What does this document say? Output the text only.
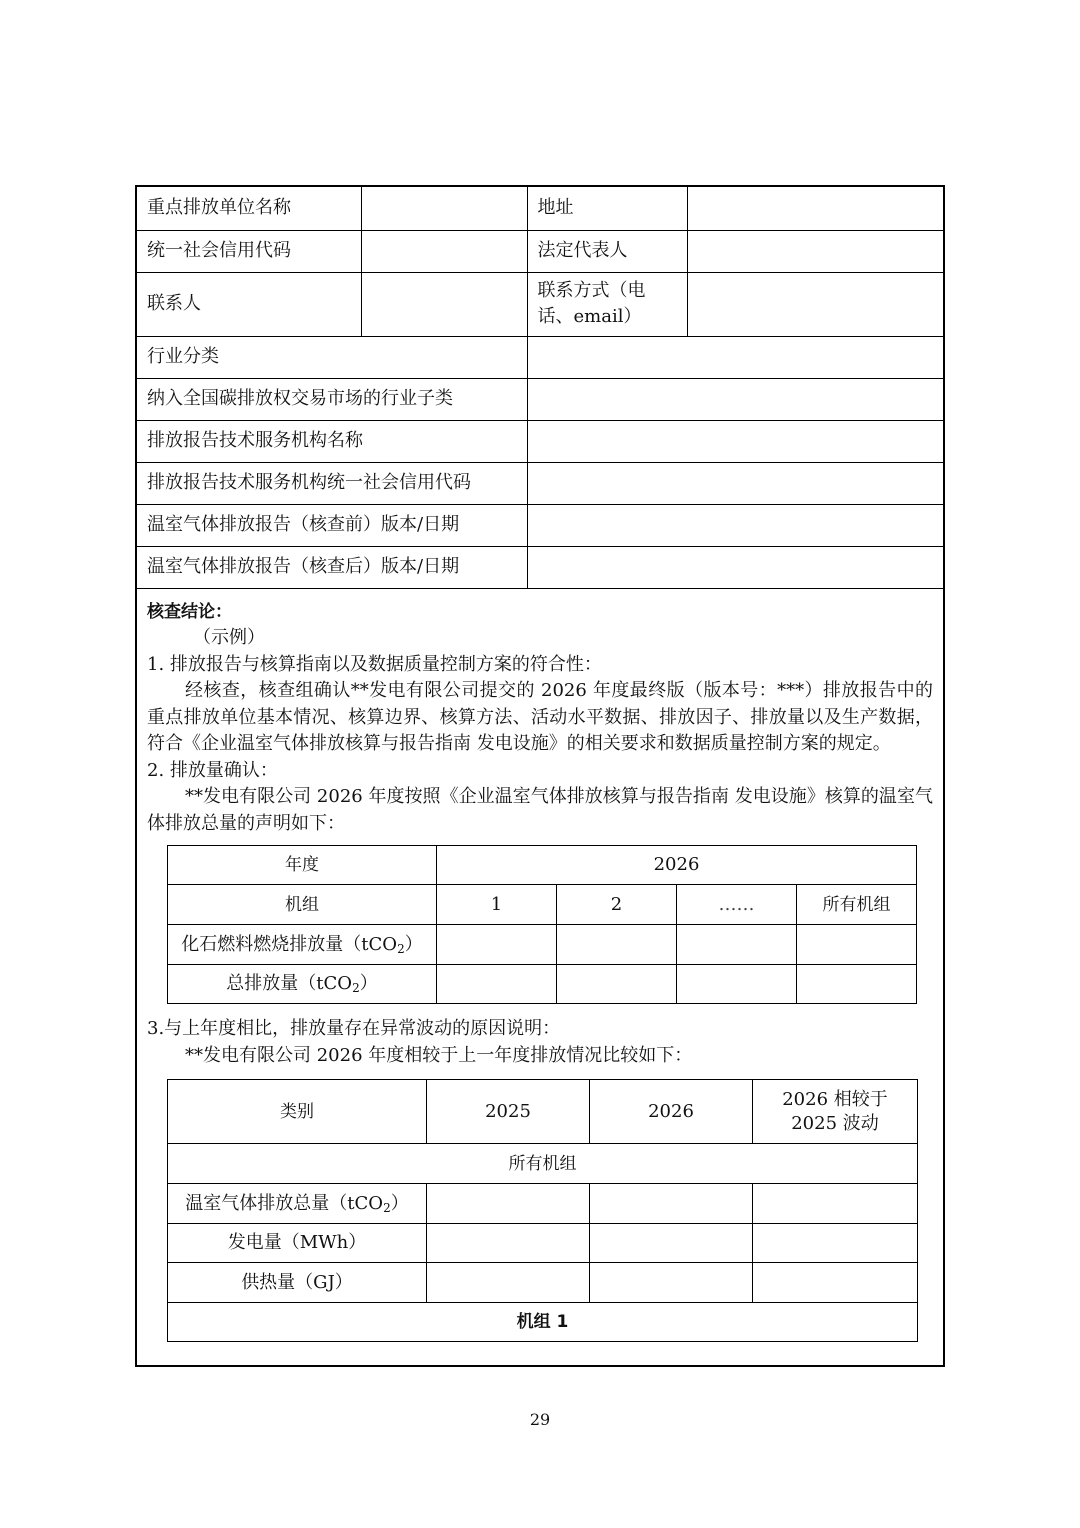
重点排放单位名称		地址	
统一社会信用代码		法定代表人	
联系人		联系方式（电话、email）	
行业分类			
纳入全国碳排放权交易市场的行业子类			
排放报告技术服务机构名称			
排放报告技术服务机构统一社会信用代码			
温室气体排放报告（核查前）版本/日期			
温室气体排放报告（核查后）版本/日期			

核查结论：

（示例）

1. 排放报告与核算指南以及数据质量控制方案的符合性：

经核查，核查组确认**发电有限公司提交的 2026 年度最终版（版本号：***）排放报告中的重点排放单位基本情况、核算边界、核算方法、活动水平数据、排放因子、排放量以及生产数据，符合《企业温室气体排放核算与报告指南 发电设施》的相关要求和数据质量控制方案的规定。

2. 排放量确认：

**发电有限公司 2026 年度按照《企业温室气体排放核算与报告指南 发电设施》核算的温室气体排放总量的声明如下：

年度	2026			
机组	1	2	……	所有机组
化石燃料燃烧排放量（tCO$_2$）				
总排放量（tCO$_2$）				

3.与上年度相比，排放量存在异常波动的原因说明：

**发电有限公司 2026 年度相较于上一年度排放情况比较如下：

类别	2025	2026	2026 相较于 2025 波动
所有机组			
温室气体排放总量（tCO$_2$）			
发电量（MWh）			
供热量（GJ）			
机组 1			
29
